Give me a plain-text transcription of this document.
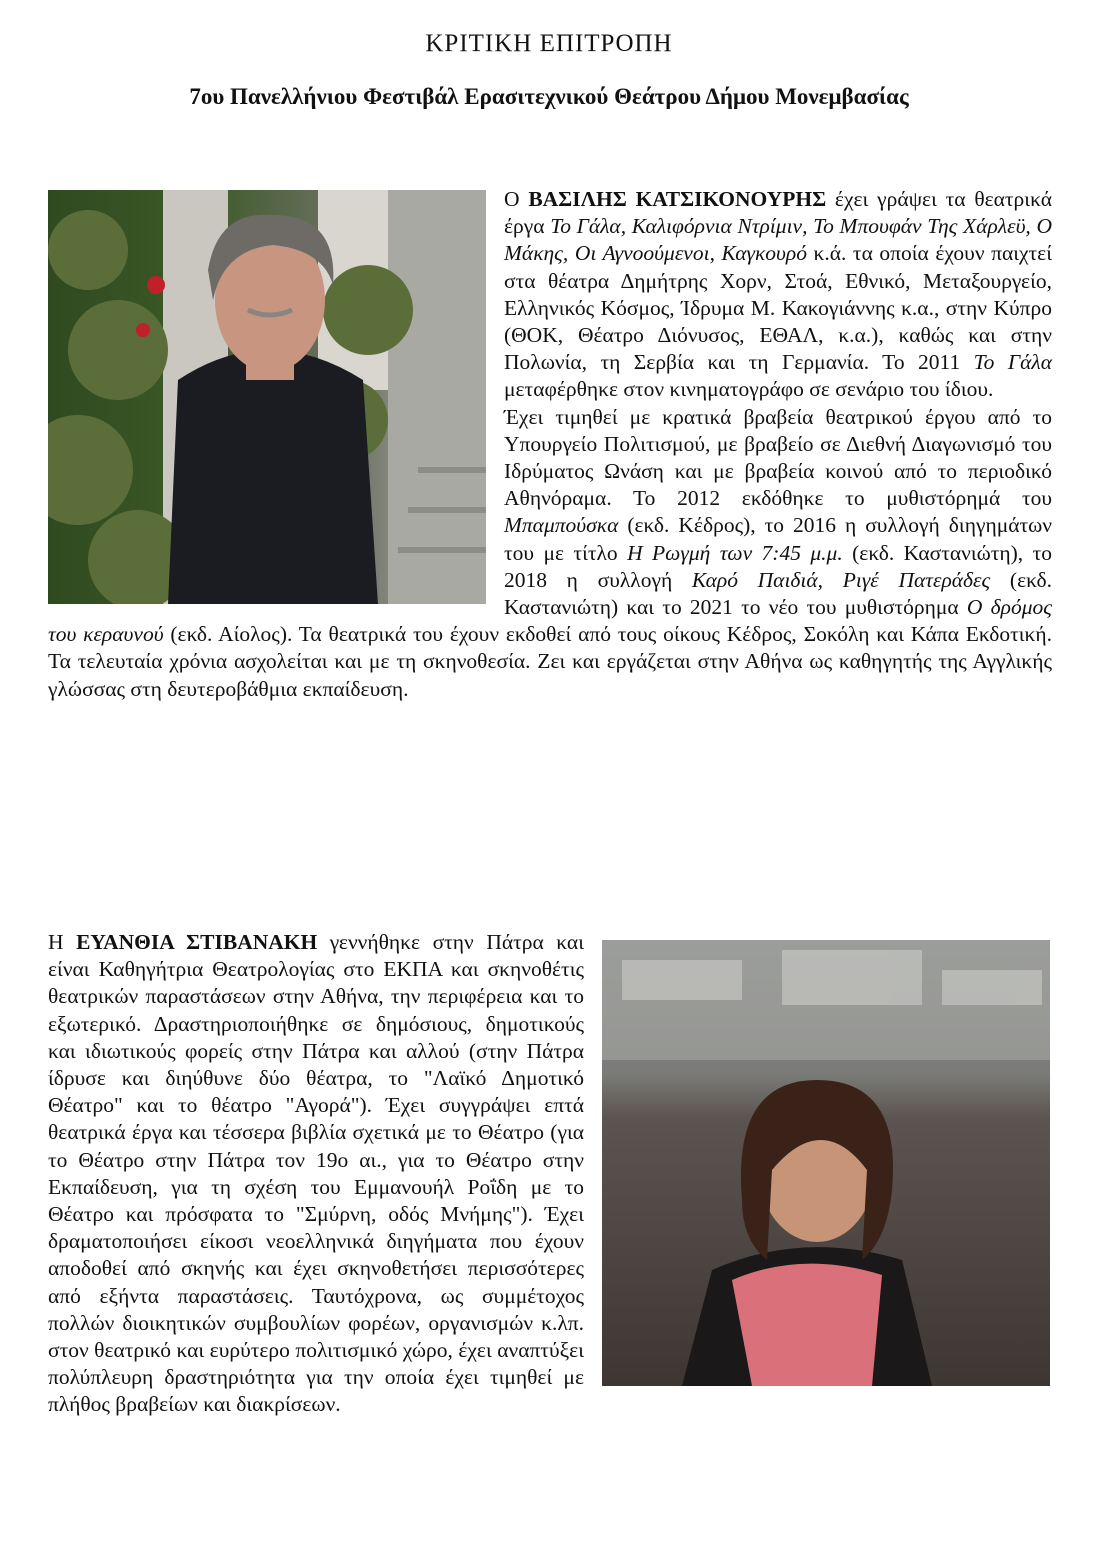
ΚΡΙΤΙΚΗ ΕΠΙΤΡΟΠΗ
7ου Πανελλήνιου Φεστιβάλ Ερασιτεχνικού Θεάτρου Δήμου Μονεμβασίας
Ο ΒΑΣΙΛΗΣ ΚΑΤΣΙΚΟΝΟΥΡΗΣ έχει γράψει τα θεατρικά έργα Το Γάλα, Καλιφόρνια Ντρίμιν, Το Μπουφάν Της Χάρλεϋ, Ο Μάκης, Οι Αγνοούμενοι, Καγκουρό κ.ά. τα οποία έχουν παιχτεί στα θέατρα Δημήτρης Χορν, Στοά, Εθνικό, Μεταξουργείο, Ελληνικός Κόσμος, Ίδρυμα Μ. Κακογιάννης κ.α., στην Κύπρο (ΘΟΚ, Θέατρο Διόνυσος, ΕΘΑΛ, κ.α.), καθώς και στην Πολωνία, τη Σερβία και τη Γερμανία. Το 2011 Το Γάλα μεταφέρθηκε στον κινηματογράφο σε σενάριο του ίδιου.
Έχει τιμηθεί με κρατικά βραβεία θεατρικού έργου από το Υπουργείο Πολιτισμού, με βραβείο σε Διεθνή Διαγωνισμό του Ιδρύματος Ωνάση και με βραβεία κοινού από το περιοδικό Αθηνόραμα. Το 2012 εκδόθηκε το μυθιστόρημά του Μπαμπούσκα (εκδ. Κέδρος), το 2016 η συλλογή διηγημάτων του με τίτλο Η Ρωγμή των 7:45 μ.μ. (εκδ. Καστανιώτη), το 2018 η συλλογή Καρό Παιδιά, Ριγέ Πατεράδες (εκδ. Καστανιώτη) και το 2021 το νέο του μυθιστόρημα Ο δρόμος του κεραυνού (εκδ. Αίολος). Τα θεατρικά του έχουν εκδοθεί από τους οίκους Κέδρος, Σοκόλη και Κάπα Εκδοτική. Τα τελευταία χρόνια ασχολείται και με τη σκηνοθεσία. Ζει και εργάζεται στην Αθήνα ως καθηγητής της Αγγλικής γλώσσας στη δευτεροβάθμια εκπαίδευση.
Η ΕΥΑΝΘΙΑ ΣΤΙΒΑΝΑΚΗ γεννήθηκε στην Πάτρα και είναι Καθηγήτρια Θεατρολογίας στο ΕΚΠΑ και σκηνοθέτις θεατρικών παραστάσεων στην Αθήνα, την περιφέρεια και το εξωτερικό. Δραστηριοποιήθηκε σε δημόσιους, δημοτικούς και ιδιωτικούς φορείς στην Πάτρα και αλλού (στην Πάτρα ίδρυσε και διηύθυνε δύο θέατρα, το "Λαϊκό Δημοτικό Θέατρο" και το θέατρο "Αγορά"). Έχει συγγράψει επτά θεατρικά έργα και τέσσερα βιβλία σχετικά με το Θέατρο (για το Θέατρο στην Πάτρα τον 19ο αι., για το Θέατρο στην Εκπαίδευση, για τη σχέση του Εμμανουήλ Ροΐδη με το Θέατρο και πρόσφατα το "Σμύρνη, οδός Μνήμης"). Έχει δραματοποιήσει είκοσι νεοελληνικά διηγήματα που έχουν αποδοθεί από σκηνής και έχει σκηνοθετήσει περισσότερες από εξήντα παραστάσεις. Ταυτόχρονα, ως συμμέτοχος πολλών διοικητικών συμβουλίων φορέων, οργανισμών κ.λπ. στον θεατρικό και ευρύτερο πολιτισμικό χώρο, έχει αναπτύξει πολύπλευρη δραστηριότητα για την οποία έχει τιμηθεί με πλήθος βραβείων και διακρίσεων.
